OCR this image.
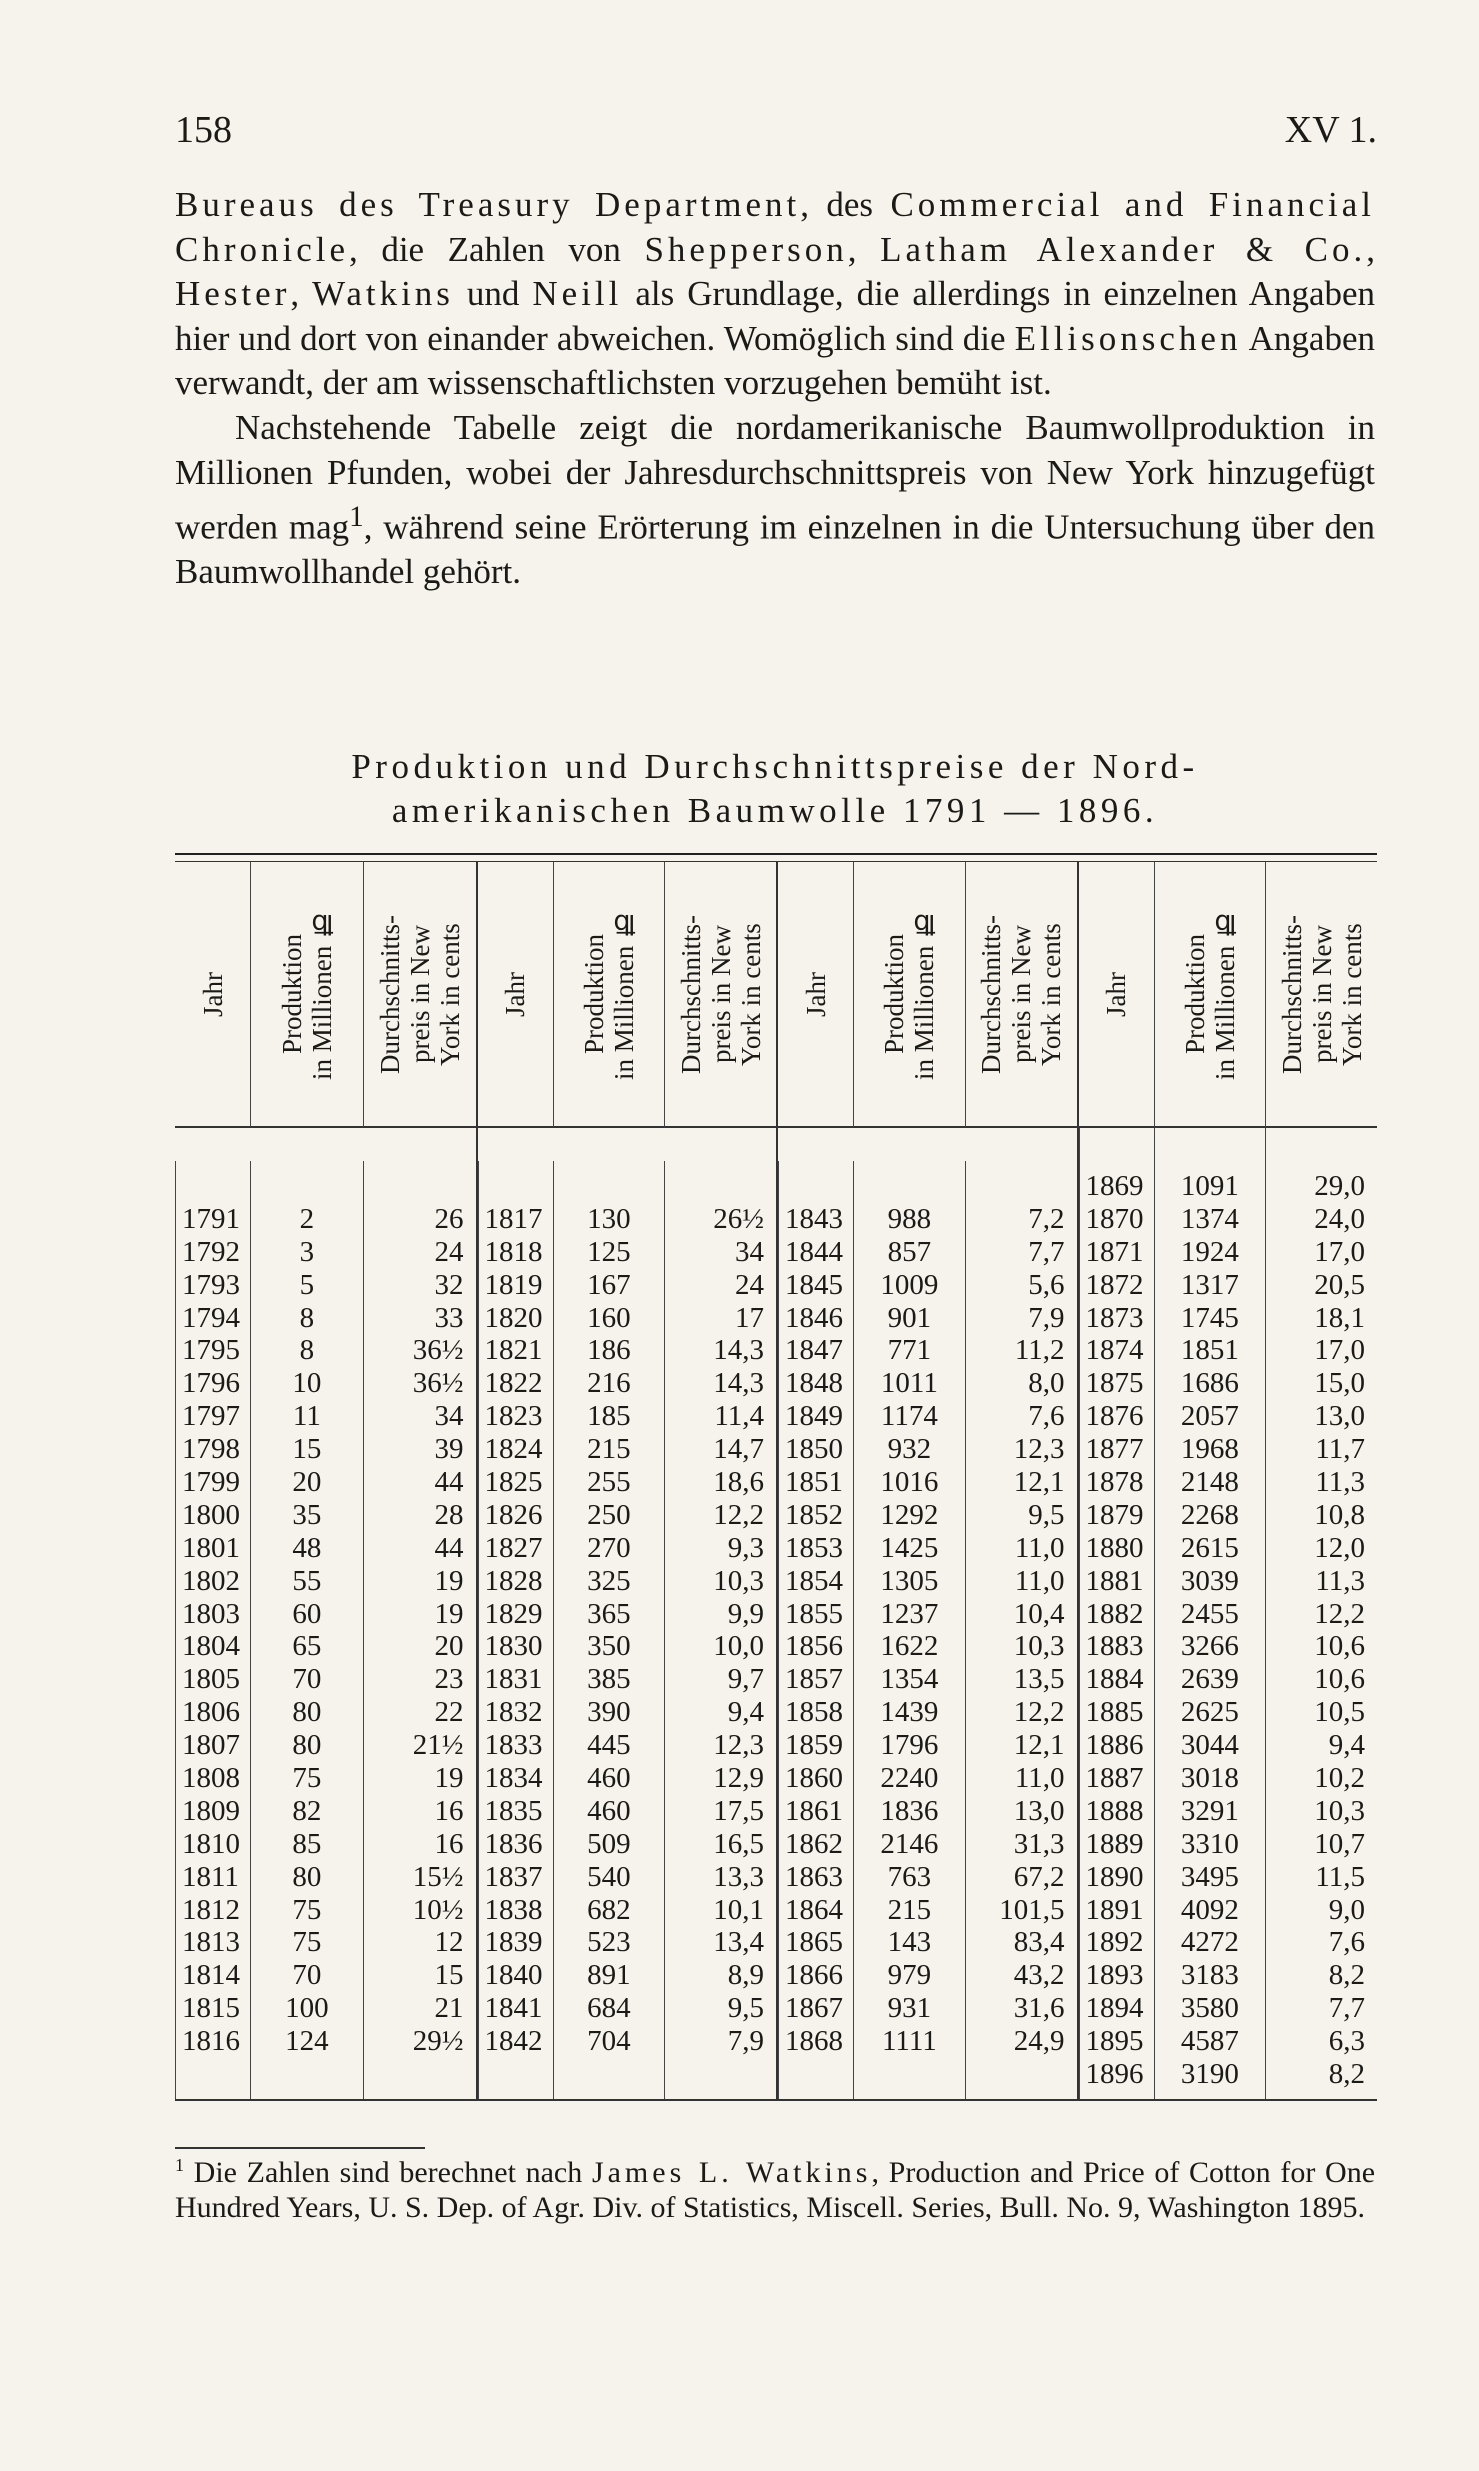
158	XV 1.

Bureaus des Treasury Department, des Commercial and Financial Chronicle, die Zahlen von Shepperson, Latham Alexander & Co., Hester, Watkins und Neill als Grundlage, die allerdings in einzelnen Angaben hier und dort von einander abweichen. Womöglich sind die Ellisonschen Angaben verwandt, der am wissenschaftlichsten vorzugehen bemüht ist.

Nachstehende Tabelle zeigt die nordamerikanische Baumwollproduktion in Millionen Pfunden, wobei der Jahresdurchschnittspreis von New York hinzugefügt werden mag$^1$, während seine Erörterung im einzelnen in die Untersuchung über den Baumwollhandel gehört.

Produktion und Durchschnittspreise der Nord-
amerikanischen Baumwolle 1791 — 1896.
Jahr Produktion
in Millionen ℔ Durchschnitts-
preis in New
York in cents
1791
1792
1793
1794
1795
1796
1797
1798
1799
1800
1801
1802
1803
1804
1805
1806
1807
1808
1809
1810
1811
1812
1813
1814
1815
1816
2
3
5
8
8
10
11
15
20
35
48
55
60
65
70
80
80
75
82
85
80
75
75
70
100
124
26
24
32
33
36½
36½
34
39
44
28
44
19
19
20
23
22
21½
19
16
16
15½
10½
12
15
21
29½
Jahr Produktion
in Millionen ℔ Durchschnitts-
preis in New
York in cents
1817
1818
1819
1820
1821
1822
1823
1824
1825
1826
1827
1828
1829
1830
1831
1832
1833
1834
1835
1836
1837
1838
1839
1840
1841
1842
130
125
167
160
186
216
185
215
255
250
270
325
365
350
385
390
445
460
460
509
540
682
523
891
684
704
26½
34
24
17
14,3
14,3
11,4
14,7
18,6
12,2
9,3
10,3
9,9
10,0
9,7
9,4
12,3
12,9
17,5
16,5
13,3
10,1
13,4
8,9
9,5
7,9
Jahr Produktion
in Millionen ℔ Durchschnitts-
preis in New
York in cents
1843
1844
1845
1846
1847
1848
1849
1850
1851
1852
1853
1854
1855
1856
1857
1858
1859
1860
1861
1862
1863
1864
1865
1866
1867
1868
988
857
1009
901
771
1011
1174
932
1016
1292
1425
1305
1237
1622
1354
1439
1796
2240
1836
2146
763
215
143
979
931
1111
7,2
7,7
5,6
7,9
11,2
8,0
7,6
12,3
12,1
9,5
11,0
11,0
10,4
10,3
13,5
12,2
12,1
11,0
13,0
31,3
67,2
101,5
83,4
43,2
31,6
24,9
Jahr Produktion
in Millionen ℔ Durchschnitts-
preis in New
York in cents
1869
1870
1871
1872
1873
1874
1875
1876
1877
1878
1879
1880
1881
1882
1883
1884
1885
1886
1887
1888
1889
1890
1891
1892
1893
1894
1895
1896
1091
1374
1924
1317
1745
1851
1686
2057
1968
2148
2268
2615
3039
2455
3266
2639
2625
3044
3018
3291
3310
3495
4092
4272
3183
3580
4587
3190
29,0
24,0
17,0
20,5
18,1
17,0
15,0
13,0
11,7
11,3
10,8
12,0
11,3
12,2
10,6
10,6
10,5
9,4
10,2
10,3
10,7
11,5
9,0
7,6
8,2
7,7
6,3
8,2
$^1$ Die Zahlen sind berechnet nach James L. Watkins, Production and Price of Cotton for One Hundred Years, U. S. Dep. of Agr. Div. of Statistics, Miscell. Series, Bull. No. 9, Washington 1895.
